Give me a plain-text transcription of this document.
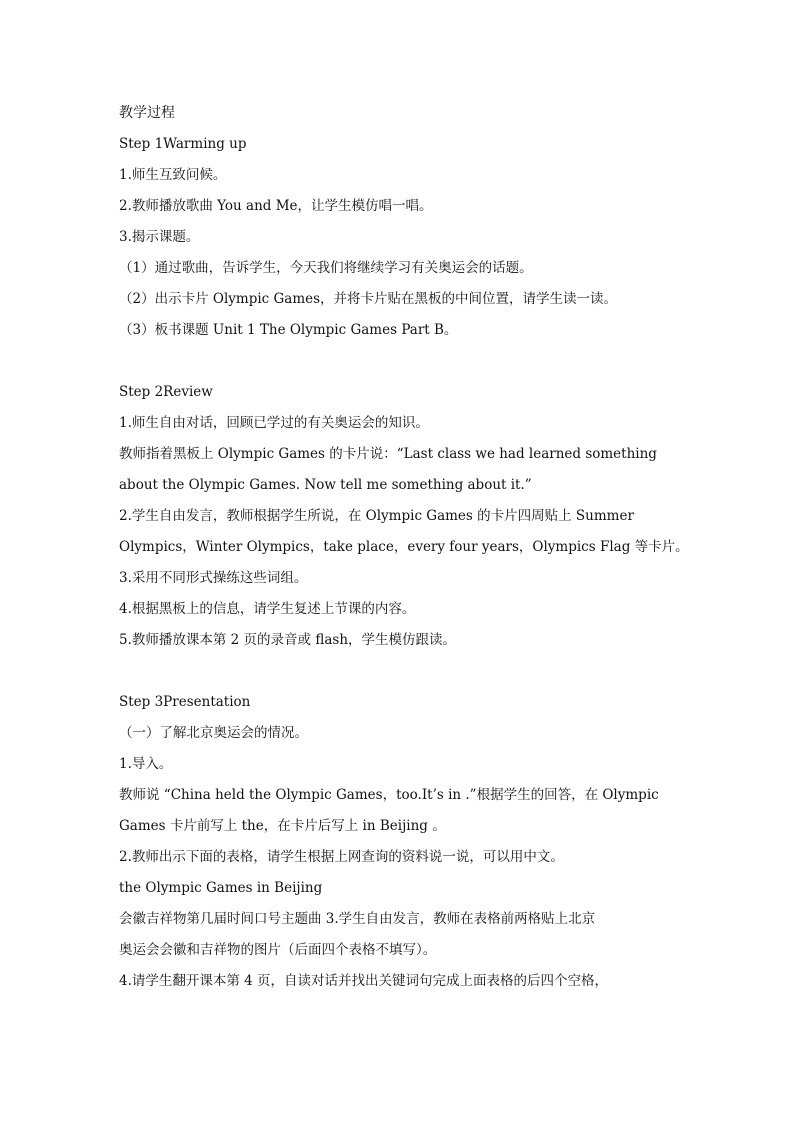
教学过程
Step 1Warming up
1.师生互致问候。
2.教师播放歌曲 You and Me，让学生模仿唱一唱。
3.揭示课题。
（1）通过歌曲，告诉学生，今天我们将继续学习有关奥运会的话题。
（2）出示卡片 Olympic Games，并将卡片贴在黑板的中间位置，请学生读一读。
（3）板书课题 Unit 1 The Olympic Games Part B。
Step 2Review
1.师生自由对话，回顾已学过的有关奥运会的知识。
教师指着黑板上 Olympic Games 的卡片说：“Last class we had learned something
about the Olympic Games. Now tell me something about it.”
2.学生自由发言，教师根据学生所说，在 Olympic Games 的卡片四周贴上 Summer
Olympics，Winter Olympics，take place，every four years，Olympics Flag 等卡片。
3.采用不同形式操练这些词组。
4.根据黑板上的信息，请学生复述上节课的内容。
5.教师播放课本第 2 页的录音或 flash，学生模仿跟读。
Step 3Presentation
（一）了解北京奥运会的情况。
1.导入。
教师说 “China held the Olympic Games，too.It’s in .”根据学生的回答，在 Olympic
Games 卡片前写上 the，在卡片后写上 in Beijing 。
2.教师出示下面的表格，请学生根据上网查询的资料说一说，可以用中文。
the Olympic Games in Beijing
会徽吉祥物第几届时间口号主题曲 3.学生自由发言，教师在表格前两格贴上北京
奥运会会徽和吉祥物的图片（后面四个表格不填写）。
4.请学生翻开课本第 4 页，自读对话并找出关键词句完成上面表格的后四个空格，
